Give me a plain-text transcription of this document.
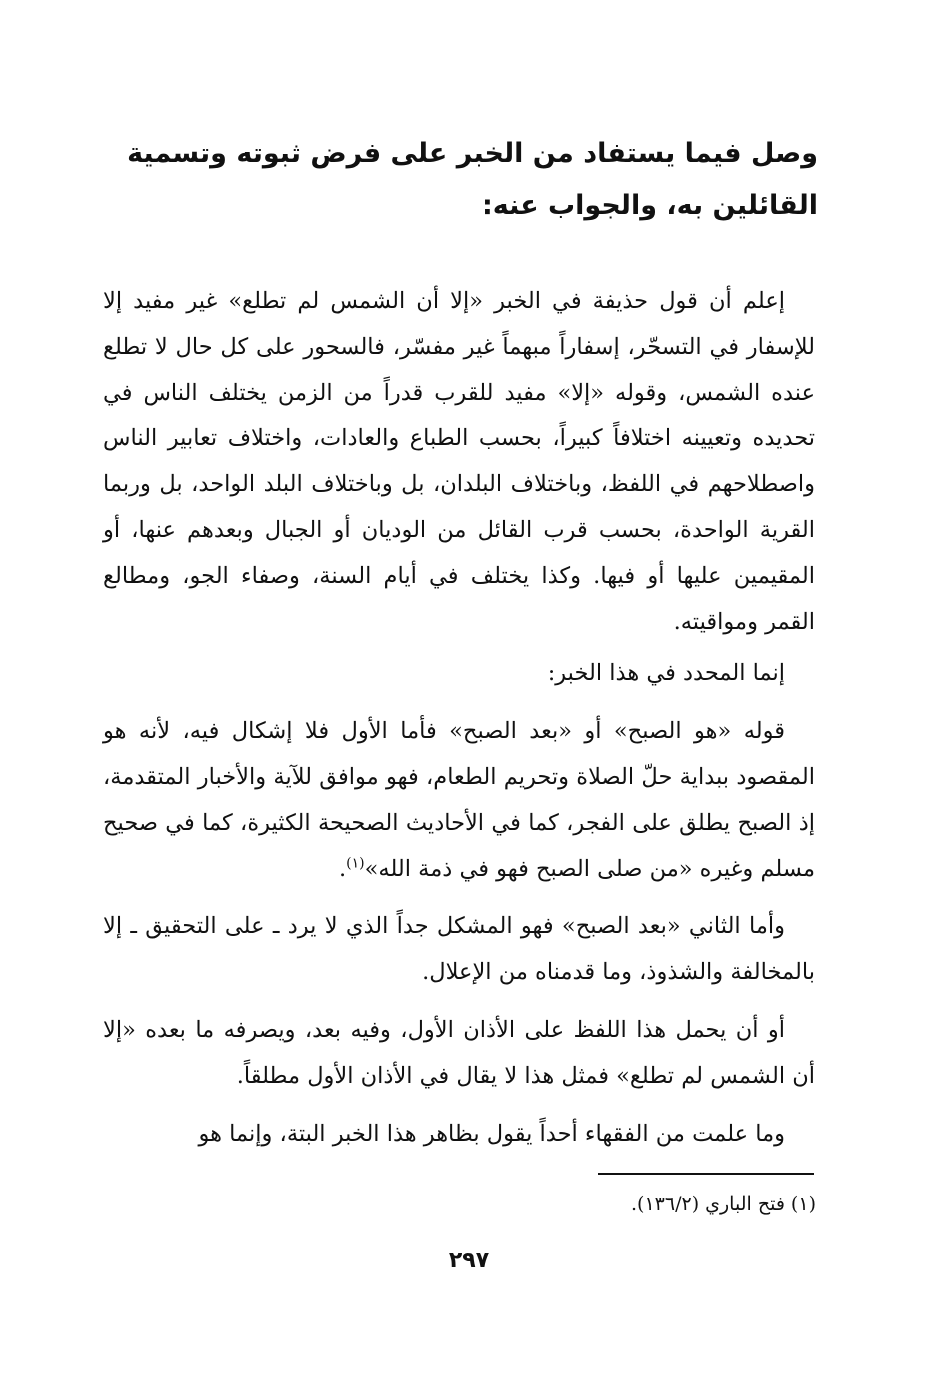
وصل فيما يستفاد من الخبر على فرض ثبوته وتسمية القائلين به، والجواب عنه:

إعلم أن قول حذيفة في الخبر «إلا أن الشمس لم تطلع» غير مفيد إلا للإسفار في التسحّر، إسفاراً مبهماً غير مفسّر، فالسحور على كل حال لا تطلع عنده الشمس، وقوله «إلا» مفيد للقرب قدراً من الزمن يختلف الناس في تحديده وتعيينه اختلافاً كبيراً، بحسب الطباع والعادات، واختلاف تعابير الناس واصطلاحهم في اللفظ، وباختلاف البلدان، بل وباختلاف البلد الواحد، بل وربما القرية الواحدة، بحسب قرب القائل من الوديان أو الجبال وبعدهم عنها، أو المقيمين عليها أو فيها. وكذا يختلف في أيام السنة، وصفاء الجو، ومطالع القمر ومواقيته.

إنما المحدد في هذا الخبر:

قوله «هو الصبح» أو «بعد الصبح» فأما الأول فلا إشكال فيه، لأنه هو المقصود ببداية حلّ الصلاة وتحريم الطعام، فهو موافق للآية والأخبار المتقدمة، إذ الصبح يطلق على الفجر، كما في الأحاديث الصحيحة الكثيرة، كما في صحيح مسلم وغيره «من صلى الصبح فهو في ذمة الله»$^{(١)}$.

وأما الثاني «بعد الصبح» فهو المشكل جداً الذي لا يرد ـ على التحقيق ـ إلا بالمخالفة والشذوذ، وما قدمناه من الإعلال.

أو أن يحمل هذا اللفظ على الأذان الأول، وفيه بعد، ويصرفه ما بعده «إلا أن الشمس لم تطلع» فمثل هذا لا يقال في الأذان الأول مطلقاً.

وما علمت من الفقهاء أحداً يقول بظاهر هذا الخبر البتة، وإنما هو

(١) فتح الباري (١٣٦/٢).
٢٩٧
